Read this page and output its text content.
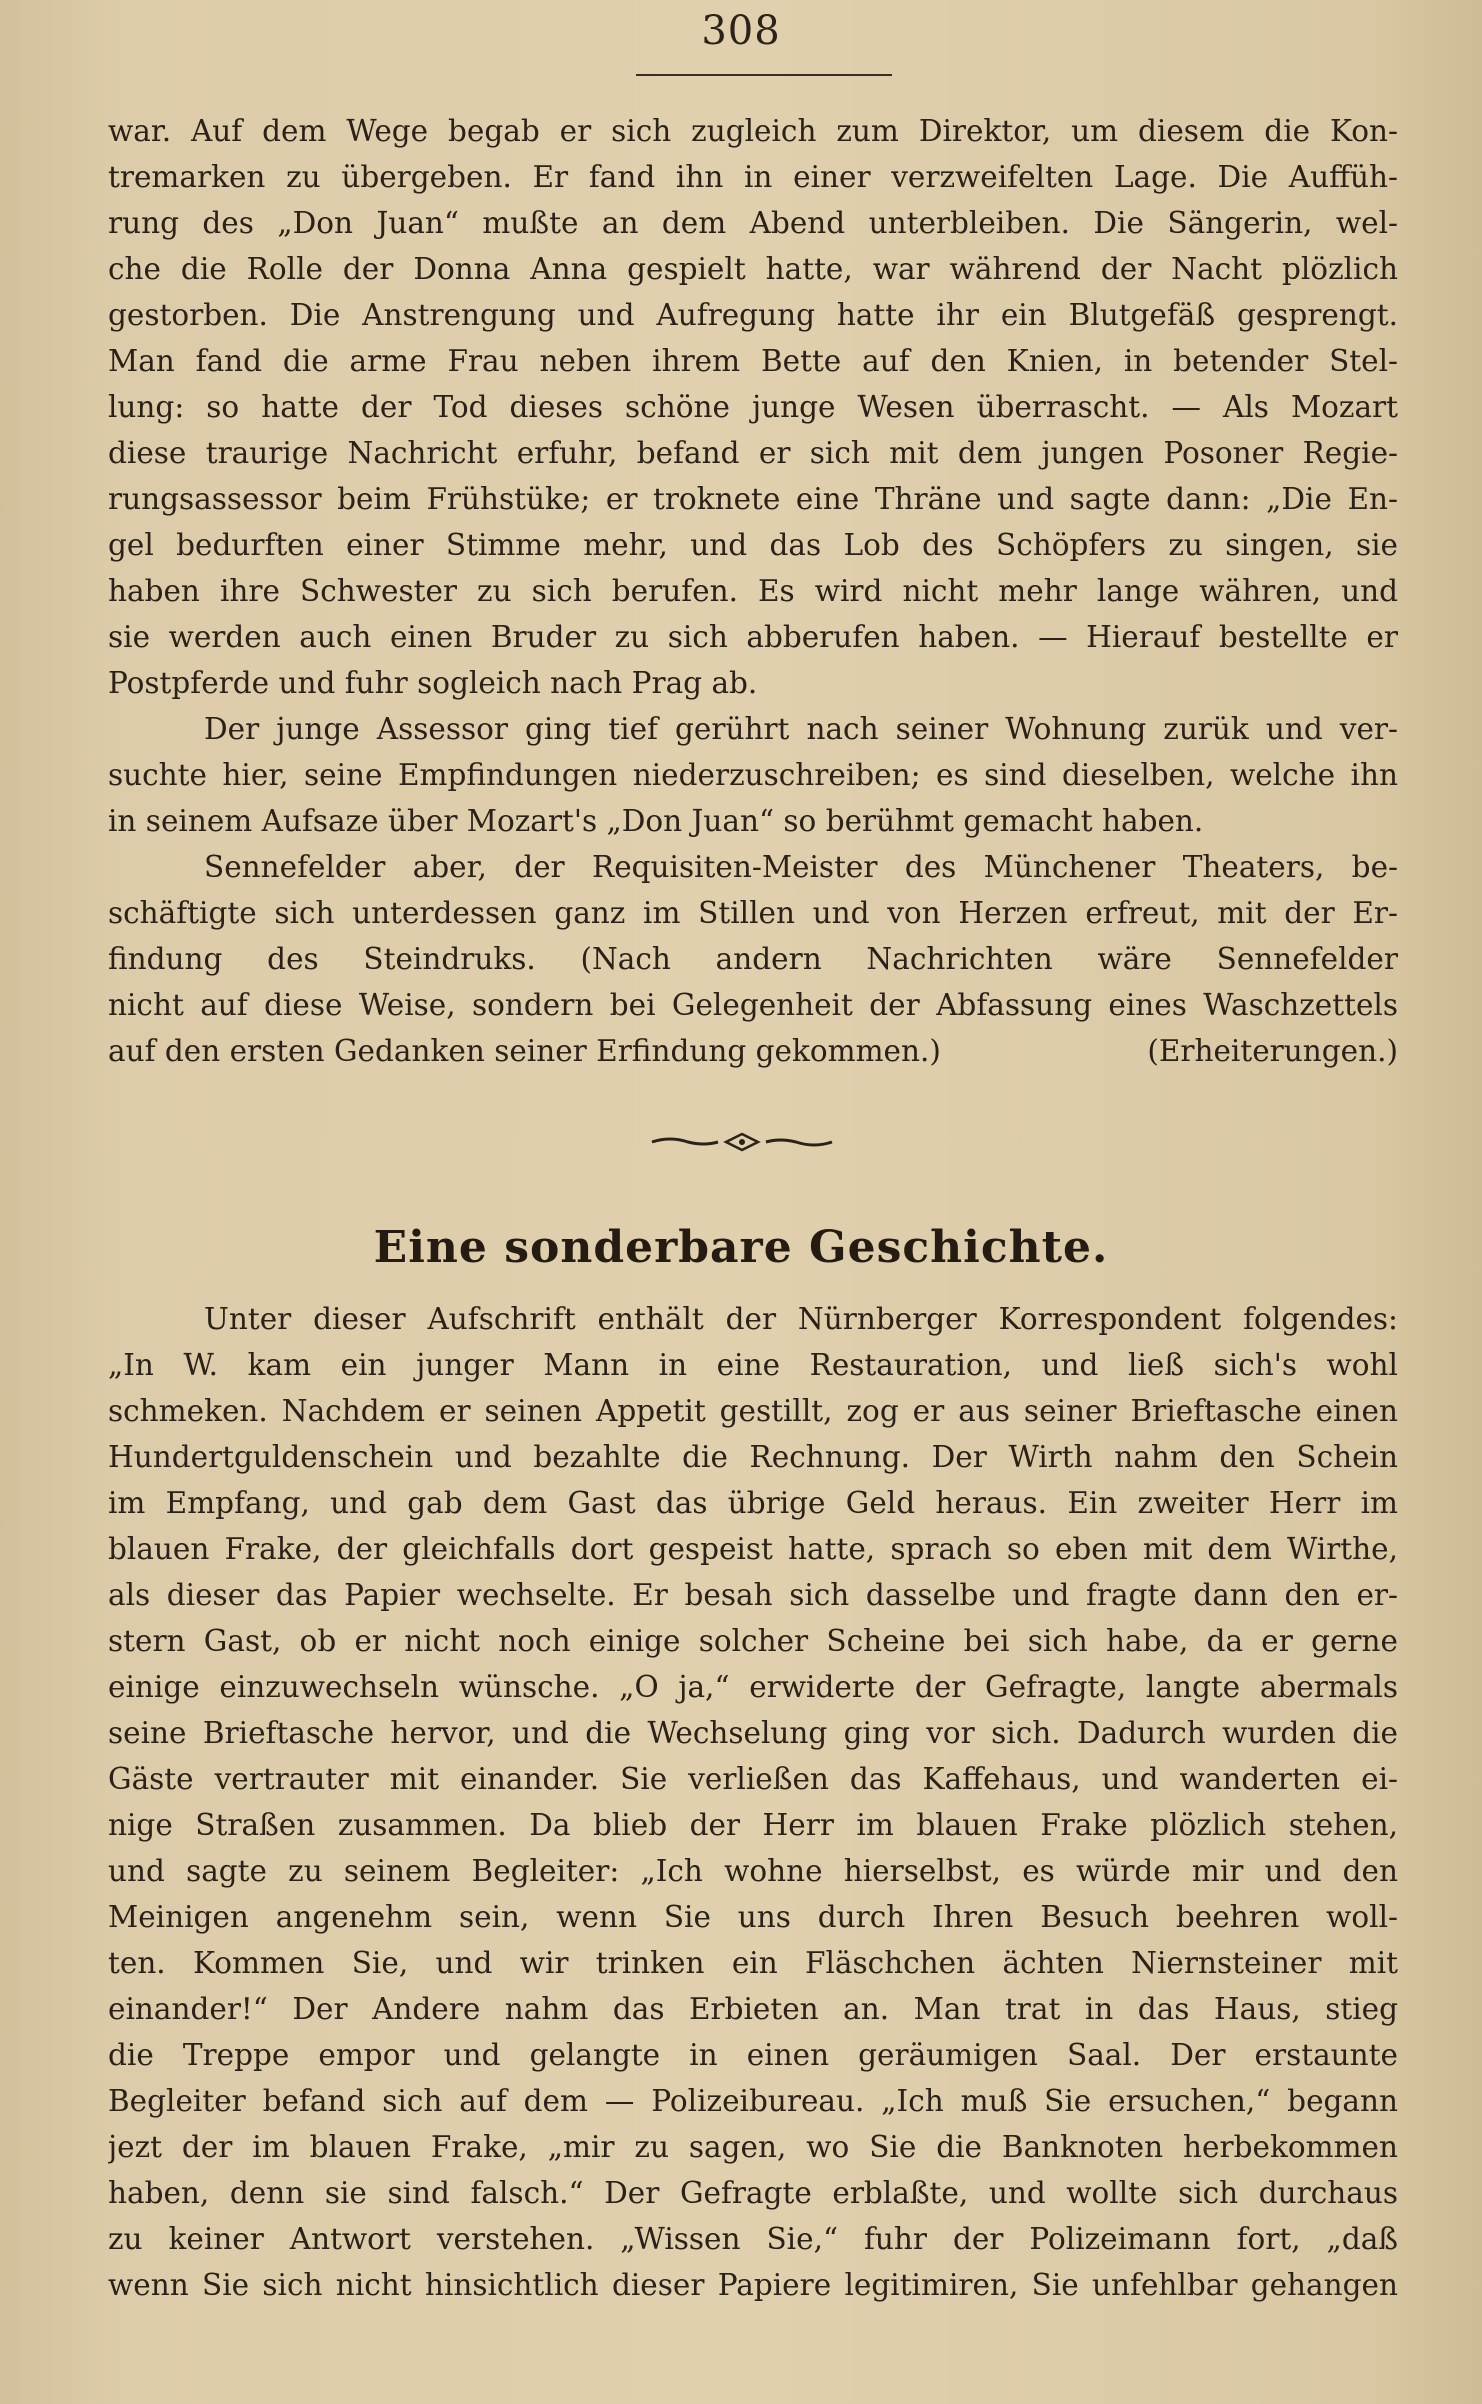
308
war. Auf dem Wege begab er sich zugleich zum Direktor, um diesem die Kon-
tremarken zu übergeben. Er fand ihn in einer verzweifelten Lage. Die Auffüh-
rung des „Don Juan“ mußte an dem Abend unterbleiben. Die Sängerin, wel-
che die Rolle der Donna Anna gespielt hatte, war während der Nacht plözlich
gestorben. Die Anstrengung und Aufregung hatte ihr ein Blutgefäß gesprengt.
Man fand die arme Frau neben ihrem Bette auf den Knien, in betender Stel-
lung: so hatte der Tod dieses schöne junge Wesen überrascht. — Als Mozart
diese traurige Nachricht erfuhr, befand er sich mit dem jungen Posoner Regie-
rungsassessor beim Frühstüke; er troknete eine Thräne und sagte dann: „Die En-
gel bedurften einer Stimme mehr, und das Lob des Schöpfers zu singen, sie
haben ihre Schwester zu sich berufen. Es wird nicht mehr lange währen, und
sie werden auch einen Bruder zu sich abberufen haben. — Hierauf bestellte er
Postpferde und fuhr sogleich nach Prag ab.
Der junge Assessor ging tief gerührt nach seiner Wohnung zurük und ver-
suchte hier, seine Empfindungen niederzuschreiben; es sind dieselben, welche ihn
in seinem Aufsaze über Mozart's „Don Juan“ so berühmt gemacht haben.
Sennefelder aber, der Requisiten-Meister des Münchener Theaters, be-
schäftigte sich unterdessen ganz im Stillen und von Herzen erfreut, mit der Er-
findung des Steindruks. (Nach andern Nachrichten wäre Sennefelder
nicht auf diese Weise, sondern bei Gelegenheit der Abfassung eines Waschzettels
auf den ersten Gedanken seiner Erfindung gekommen.)	(Erheiterungen.)
Eine sonderbare Geschichte.
Unter dieser Aufschrift enthält der Nürnberger Korrespondent folgendes:
„In W. kam ein junger Mann in eine Restauration, und ließ sich's wohl
schmeken. Nachdem er seinen Appetit gestillt, zog er aus seiner Brieftasche einen
Hundertguldenschein und bezahlte die Rechnung. Der Wirth nahm den Schein
im Empfang, und gab dem Gast das übrige Geld heraus. Ein zweiter Herr im
blauen Frake, der gleichfalls dort gespeist hatte, sprach so eben mit dem Wirthe,
als dieser das Papier wechselte. Er besah sich dasselbe und fragte dann den er-
stern Gast, ob er nicht noch einige solcher Scheine bei sich habe, da er gerne
einige einzuwechseln wünsche. „O ja,“ erwiderte der Gefragte, langte abermals
seine Brieftasche hervor, und die Wechselung ging vor sich. Dadurch wurden die
Gäste vertrauter mit einander. Sie verließen das Kaffehaus, und wanderten ei-
nige Straßen zusammen. Da blieb der Herr im blauen Frake plözlich stehen,
und sagte zu seinem Begleiter: „Ich wohne hierselbst, es würde mir und den
Meinigen angenehm sein, wenn Sie uns durch Ihren Besuch beehren woll-
ten. Kommen Sie, und wir trinken ein Fläschchen ächten Niernsteiner mit
einander!“ Der Andere nahm das Erbieten an. Man trat in das Haus, stieg
die Treppe empor und gelangte in einen geräumigen Saal. Der erstaunte
Begleiter befand sich auf dem — Polizeibureau. „Ich muß Sie ersuchen,“ begann
jezt der im blauen Frake, „mir zu sagen, wo Sie die Banknoten herbekommen
haben, denn sie sind falsch.“ Der Gefragte erblaßte, und wollte sich durchaus
zu keiner Antwort verstehen. „Wissen Sie,“ fuhr der Polizeimann fort, „daß
wenn Sie sich nicht hinsichtlich dieser Papiere legitimiren, Sie unfehlbar gehangen
